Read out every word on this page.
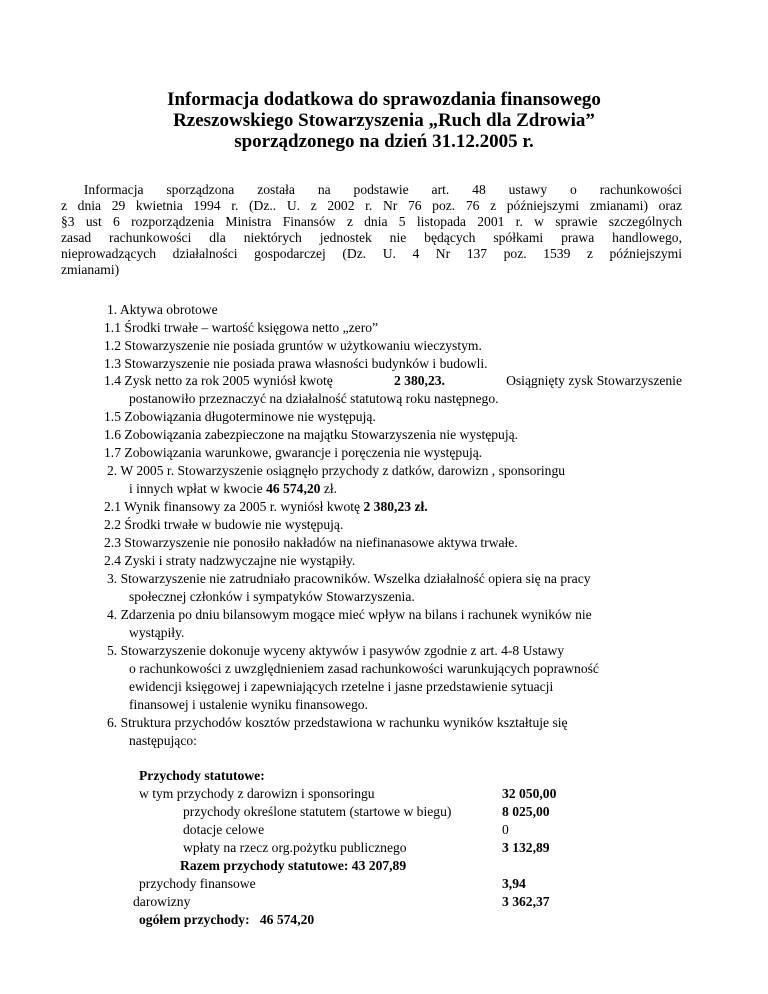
Informacja dodatkowa do sprawozdania finansowego
Rzeszowskiego Stowarzyszenia „Ruch dla Zdrowia”
sporządzonego na dzień 31.12.2005 r.
Informacja  sporządzona  została  na  podstawie  art.  48  ustawy  o  rachunkowości
z dnia 29 kwietnia 1994 r. (Dz.. U. z 2002 r. Nr 76 poz. 76 z późniejszymi zmianami) oraz
§3 ust 6 rozporządzenia Ministra Finansów z dnia 5 listopada 2001 r. w sprawie szczególnych
zasad rachunkowości dla niektórych jednostek nie będących spółkami prawa handlowego,
nieprowadzących działalności gospodarczej (Dz. U. 4 Nr 137 poz. 1539 z późniejszymi
zmianami)
1. Aktywa obrotowe
1.1 Środki trwałe – wartość księgowa netto „zero”
1.2 Stowarzyszenie nie posiada gruntów w użytkowaniu wieczystym.
1.3 Stowarzyszenie nie posiada prawa własności budynków i budowli.
1.4 Zysk netto za rok 2005 wyniósł kwotę	2 380,23.	Osiągnięty zysk Stowarzyszenie
postanowiło przeznaczyć na działalność statutową roku następnego.
1.5 Zobowiązania długoterminowe nie występują.
1.6 Zobowiązania zabezpieczone na majątku Stowarzyszenia nie występują.
1.7 Zobowiązania warunkowe, gwarancje i poręczenia nie występują.
2. W 2005 r. Stowarzyszenie osiągnęło przychody z datków, darowizn , sponsoringu
i innych wpłat w kwocie 46 574,20 zł.
2.1 Wynik finansowy za 2005 r. wyniósł kwotę 2 380,23 zł.
2.2 Środki trwałe w budowie nie występują.
2.3 Stowarzyszenie nie ponosiło nakładów na niefinanasowe aktywa trwałe.
2.4 Zyski i straty nadzwyczajne nie wystąpiły.
3. Stowarzyszenie nie zatrudniało pracowników. Wszelka działalność opiera się na pracy
społecznej członków i sympatyków Stowarzyszenia.
4. Zdarzenia po dniu bilansowym mogące mieć wpływ na bilans i rachunek wyników nie
wystąpiły.
5. Stowarzyszenie dokonuje wyceny aktywów i pasywów zgodnie z art. 4-8 Ustawy
o rachunkowości z uwzględnieniem zasad rachunkowości warunkujących poprawność
ewidencji księgowej i zapewniających rzetelne i jasne przedstawienie sytuacji
finansowej i ustalenie wyniku finansowego.
6. Struktura przychodów kosztów przedstawiona w rachunku wyników kształtuje się
następująco:
Przychody statutowe:
w tym przychody z darowizn i sponsoringu	32 050,00
przychody określone statutem (startowe w biegu)	8 025,00
dotacje celowe	0
wpłaty na rzecz org.pożytku publicznego	3 132,89
Razem przychody statutowe: 43 207,89
przychody finansowe	3,94
darowizny	3 362,37
ogółem przychody: 46 574,20
